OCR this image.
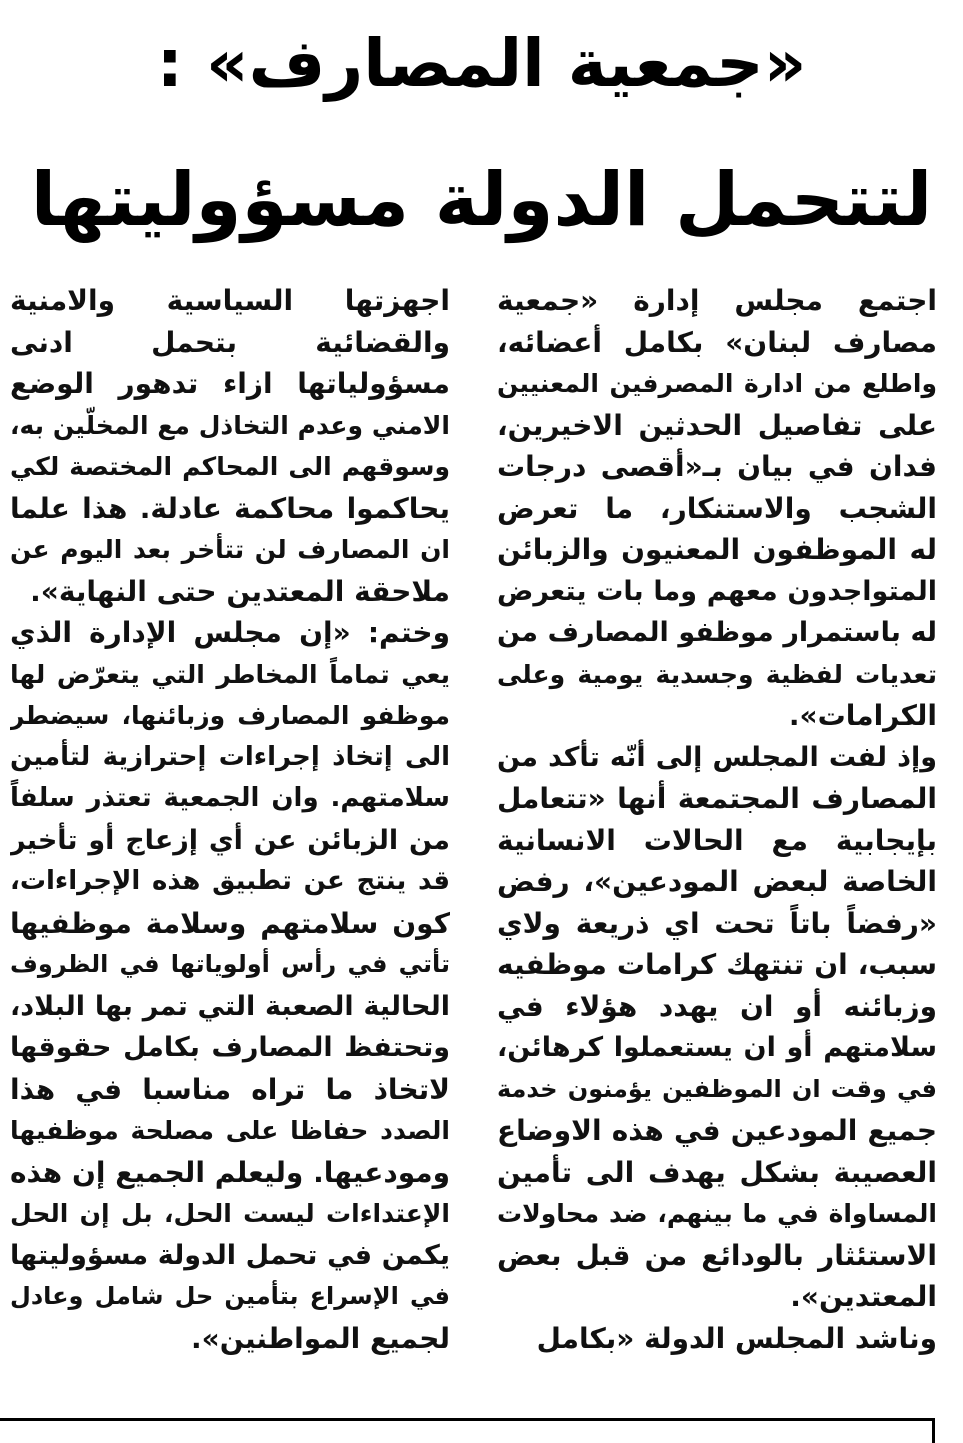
«جمعية المصارف» :
لتتحمل الدولة مسؤوليتها

اجتمع مجلس إدارة «جمعية

مصارف لبنان» بكامل أعضائه،

واطلع من ادارة المصرفين المعنيين

على تفاصيل الحدثين الاخيرين،

فدان في بيان بـ«أقصى درجات

الشجب والاستنكار، ما تعرض

له الموظفون المعنيون والزبائن

المتواجدون معهم وما بات يتعرض

له باستمرار موظفو المصارف من

تعديات لفظية وجسدية يومية وعلى

الكرامات».

وإذ لفت المجلس إلى أنّه تأكد من

المصارف المجتمعة أنها «تتعامل

بإيجابية مع الحالات الانسانية

الخاصة لبعض المودعين»، رفض

«رفضاً باتاً تحت اي ذريعة ولاي

سبب، ان تنتهك كرامات موظفيه

وزبائنه أو ان يهدد هؤلاء في

سلامتهم أو ان يستعملوا كرهائن،

في وقت ان الموظفين يؤمنون خدمة

جميع المودعين في هذه الاوضاع

العصيبة بشكل يهدف الى تأمين

المساواة في ما بينهم، ضد محاولات

الاستئثار بالودائع من قبل بعض

المعتدين».

وناشد المجلس الدولة «بكامل

اجهزتها السياسية والامنية

والقضائية بتحمل ادنى

مسؤولياتها ازاء تدهور الوضع

الامني وعدم التخاذل مع المخلّين به،

وسوقهم الى المحاكم المختصة لكي

يحاكموا محاكمة عادلة. هذا علما

ان المصارف لن تتأخر بعد اليوم عن

ملاحقة المعتدين حتى النهاية».

وختم: «إن مجلس الإدارة الذي

يعي تماماً المخاطر التي يتعرّض لها

موظفو المصارف وزبائنها، سيضطر

الى إتخاذ إجراءات إحترازية لتأمين

سلامتهم. وان الجمعية تعتذر سلفاً

من الزبائن عن أي إزعاج أو تأخير

قد ينتج عن تطبيق هذه الإجراءات،

كون سلامتهم وسلامة موظفيها

تأتي في رأس أولوياتها في الظروف

الحالية الصعبة التي تمر بها البلاد،

وتحتفظ المصارف بكامل حقوقها

لاتخاذ ما تراه مناسبا في هذا

الصدد حفاظا على مصلحة موظفيها

ومودعيها. وليعلم الجميع إن هذه

الإعتداءات ليست الحل، بل إن الحل

يكمن في تحمل الدولة مسؤوليتها

في الإسراع بتأمين حل شامل وعادل

لجميع المواطنين».
